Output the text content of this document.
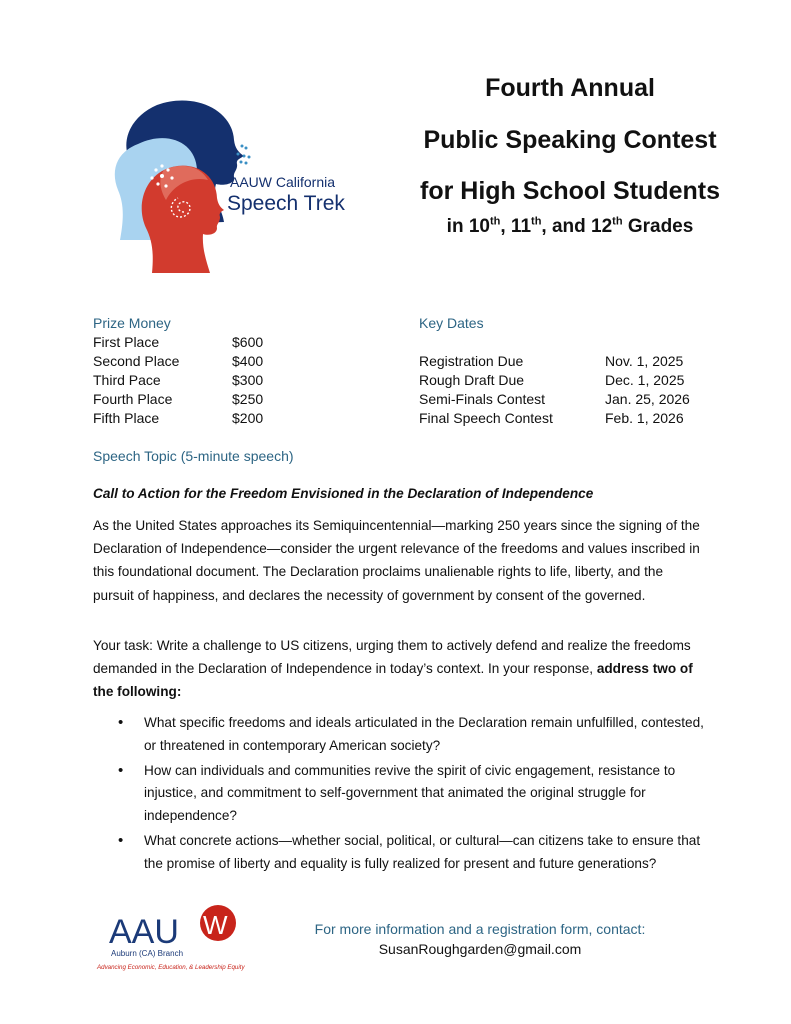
AAUW California
Speech Trek
Fourth Annual
Public Speaking Contest
for High School Students
in 10th, 11th, and 12th Grades
Prize Money
First Place	$600
Second Place	$400
Third Pace	$300
Fourth Place	$250
Fifth Place	$200
Key Dates
Registration Due	Nov. 1, 2025
Rough Draft Due	Dec. 1, 2025
Semi-Finals Contest	Jan. 25, 2026
Final Speech Contest	Feb. 1, 2026
Speech Topic (5-minute speech)
Call to Action for the Freedom Envisioned in the Declaration of Independence
As the United States approaches its Semiquincentennial—marking 250 years since the signing of the Declaration of Independence—consider the urgent relevance of the freedoms and values inscribed in this foundational document. The Declaration proclaims unalienable rights to life, liberty, and the pursuit of happiness, and declares the necessity of government by consent of the governed.
Your task: Write a challenge to US citizens, urging them to actively defend and realize the freedoms demanded in the Declaration of Independence in today’s context. In your response, address two of the following:
• What specific freedoms and ideals articulated in the Declaration remain unfulfilled, contested, or threatened in contemporary American society?
• How can individuals and communities revive the spirit of civic engagement, resistance to injustice, and commitment to self-government that animated the original struggle for independence?
• What concrete actions—whether social, political, or cultural—can citizens take to ensure that the promise of liberty and equality is fully realized for present and future generations?
AAU W
Auburn (CA) Branch
Advancing Economic, Education, & Leadership Equity
For more information and a registration form, contact:
SusanRoughgarden@gmail.com
